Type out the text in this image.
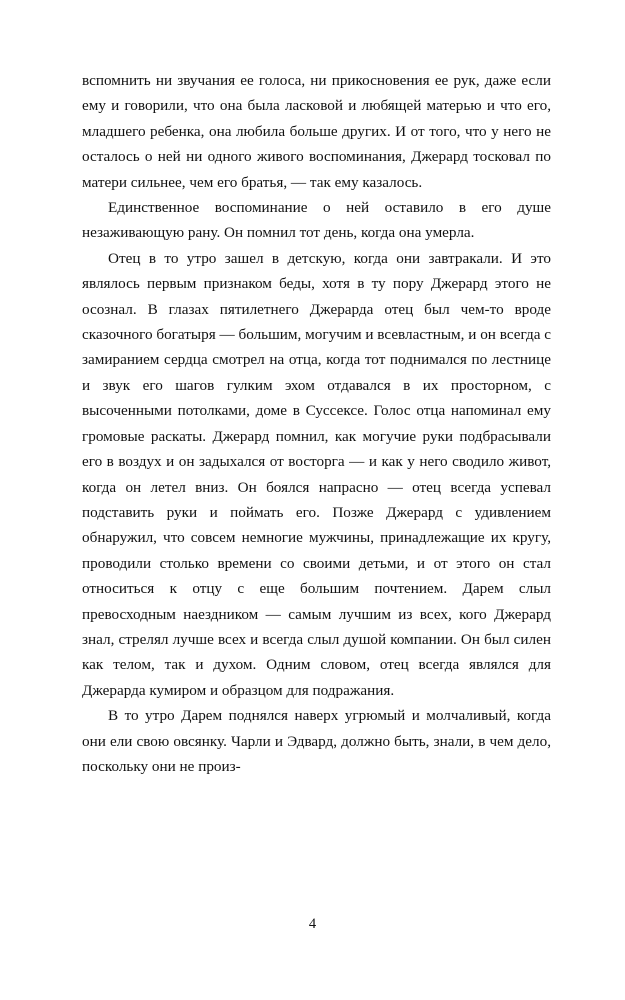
вспомнить ни звучания ее голоса, ни прикосновения ее рук, даже если ему и говорили, что она была ласковой и любящей матерью и что его, младшего ребенка, она любила больше других. И от того, что у него не осталось о ней ни одного живого воспоминания, Джерард тосковал по матери сильнее, чем его братья, — так ему казалось.

Единственное воспоминание о ней оставило в его душе незаживающую рану. Он помнил тот день, когда она умерла.

Отец в то утро зашел в детскую, когда они завтракали. И это являлось первым признаком беды, хотя в ту пору Джерард этого не осознал. В глазах пятилетнего Джерарда отец был чем-то вроде сказочного богатыря — большим, могучим и всевластным, и он всегда с замиранием сердца смотрел на отца, когда тот поднимался по лестнице и звук его шагов гулким эхом отдавался в их просторном, с высоченными потолками, доме в Суссексе. Голос отца напоминал ему громовые раскаты. Джерард помнил, как могучие руки подбрасывали его в воздух и он задыхался от восторга — и как у него сводило живот, когда он летел вниз. Он боялся напрасно — отец всегда успевал подставить руки и поймать его. Позже Джерард с удивлением обнаружил, что совсем немногие мужчины, принадлежащие их кругу, проводили столько времени со своими детьми, и от этого он стал относиться к отцу с еще большим почтением. Дарем слыл превосходным наездником — самым лучшим из всех, кого Джерард знал, стрелял лучше всех и всегда слыл душой компании. Он был силен как телом, так и духом. Одним словом, отец всегда являлся для Джерарда кумиром и образцом для подражания.

В то утро Дарем поднялся наверх угрюмый и молчаливый, когда они ели свою овсянку. Чарли и Эдвард, должно быть, знали, в чем дело, поскольку они не произ-

4
